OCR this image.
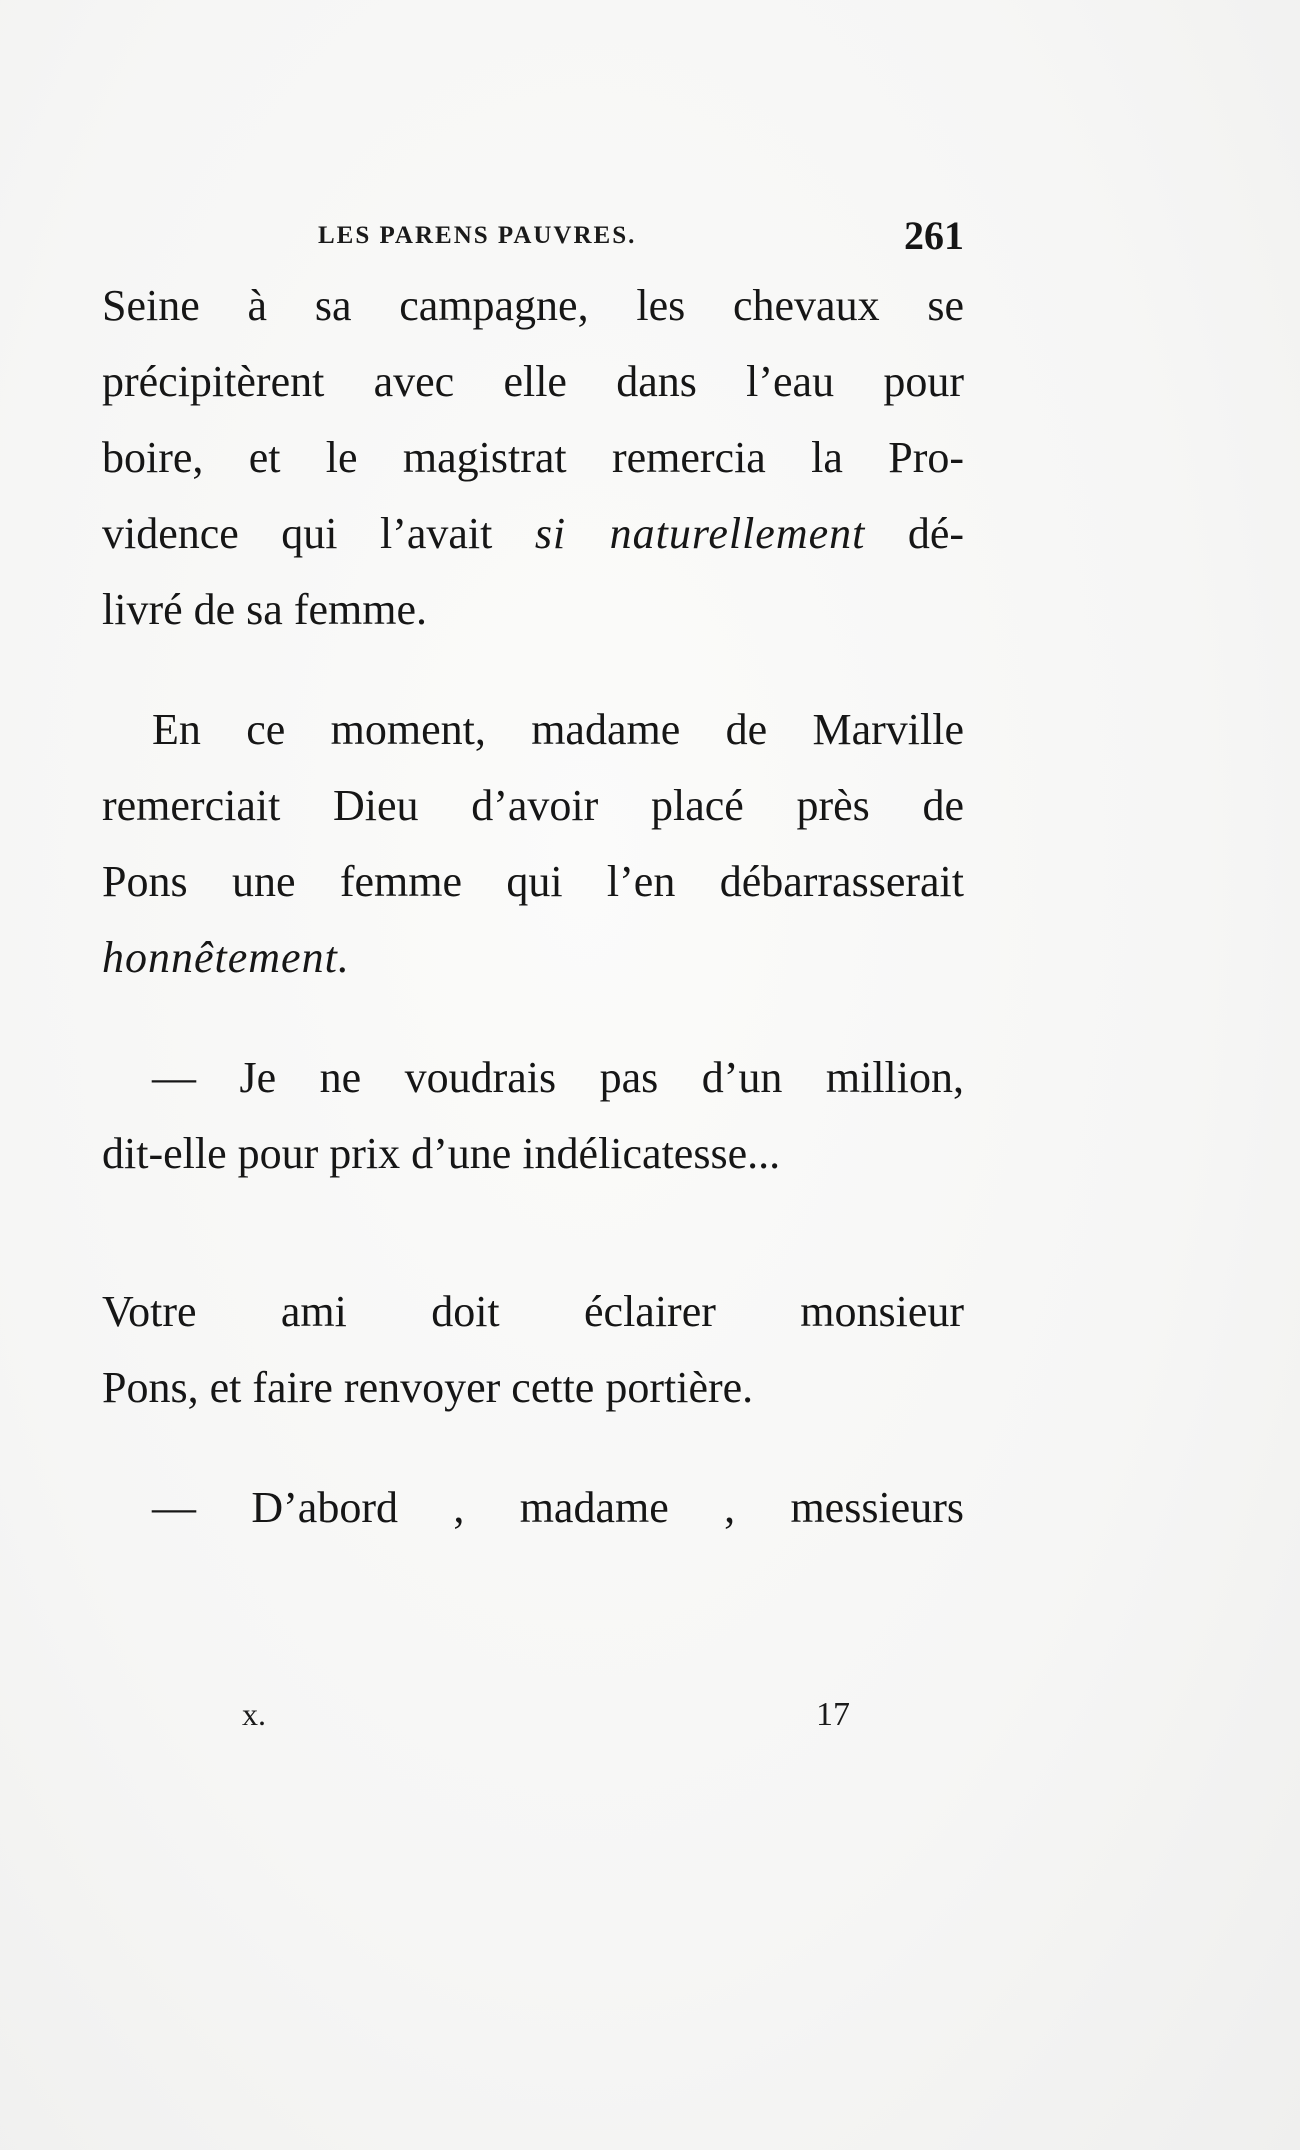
LES PARENS PAUVRES.	261
Seine à sa campagne, les chevaux se
précipitèrent avec elle dans l’eau pour
boire, et le magistrat remercia la Pro-
vidence qui l’avait si naturellement dé-
livré de sa femme.
En ce moment, madame de Marville
remerciait Dieu d’avoir placé près de
Pons une femme qui l’en débarrasserait
honnêtement.
— Je ne voudrais pas d’un million,
dit-elle pour prix d’une indélicatesse...
Votre ami doit éclairer monsieur
Pons, et faire renvoyer cette portière.
— D’abord , madame , messieurs
x.	17
